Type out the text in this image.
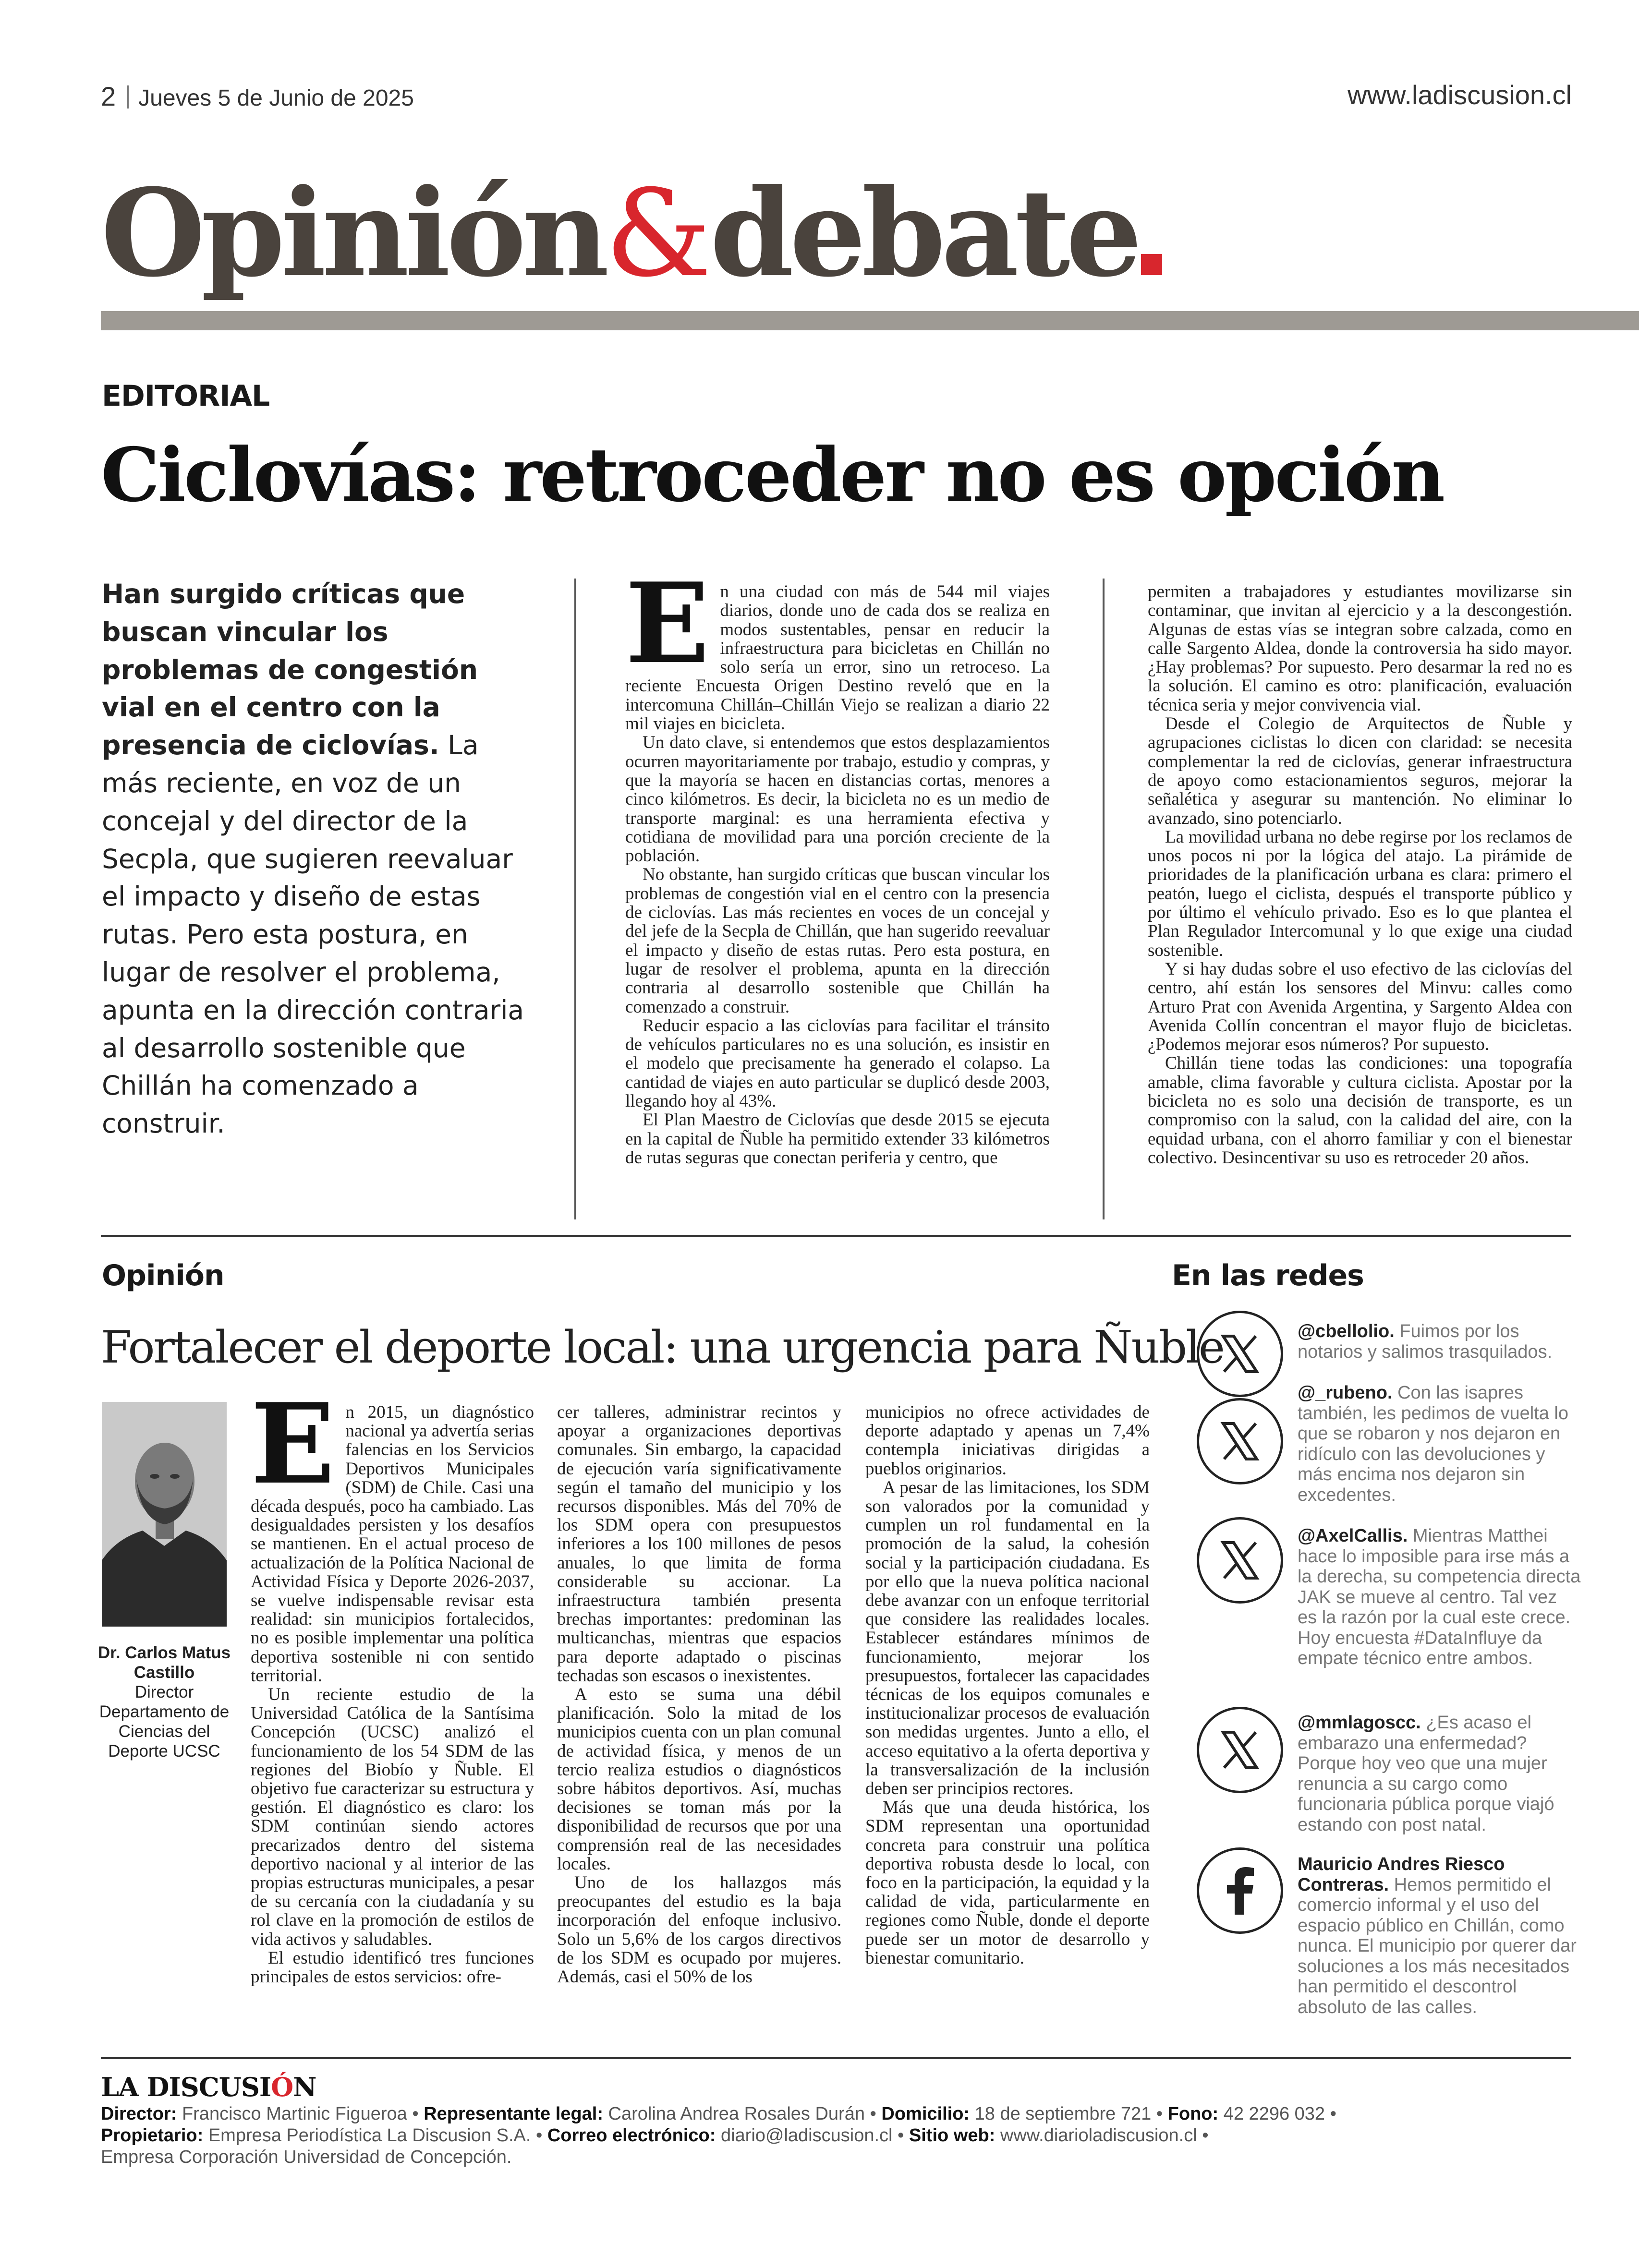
2 Jueves 5 de Junio de 2025	www.ladiscusion.cl
Opinión&debate
EDITORIAL
Ciclovías: retroceder no es opción
Han surgido críticas que buscan vincular los problemas de congestión vial en el centro con la presencia de ciclovías. La más reciente, en voz de un concejal y del director de la Secpla, que sugieren reevaluar el impacto y diseño de estas rutas. Pero esta postura, en lugar de resolver el problema, apunta en la dirección contraria al desarrollo sostenible que Chillán ha comenzado a construir.
E n una ciudad con más de 544 mil viajes diarios, donde uno de cada dos se realiza en modos sustentables, pensar en reducir la infraestructura para bicicletas en Chillán no solo sería un error, sino un retroceso. La reciente Encuesta Origen Destino reveló que en la intercomuna Chillán–Chillán Viejo se realizan a diario 22 mil viajes en bicicleta.

Un dato clave, si entendemos que estos desplazamientos ocurren mayoritariamente por trabajo, estudio y compras, y que la mayoría se hacen en distancias cortas, menores a cinco kilómetros. Es decir, la bicicleta no es un medio de transporte marginal: es una herramienta efectiva y cotidiana de movilidad para una porción creciente de la población.

No obstante, han surgido críticas que buscan vincular los problemas de congestión vial en el centro con la presencia de ciclovías. Las más recientes en voces de un concejal y del jefe de la Secpla de Chillán, que han sugerido reevaluar el impacto y diseño de estas rutas. Pero esta postura, en lugar de resolver el problema, apunta en la dirección contraria al desarrollo sostenible que Chillán ha comenzado a construir.

Reducir espacio a las ciclovías para facilitar el tránsito de vehículos particulares no es una solución, es insistir en el modelo que precisamente ha generado el colapso. La cantidad de viajes en auto particular se duplicó desde 2003, llegando hoy al 43%.

El Plan Maestro de Ciclovías que desde 2015 se ejecuta en la capital de Ñuble ha permitido extender 33 kilómetros de rutas seguras que conectan periferia y centro, que

permiten a trabajadores y estudiantes movilizarse sin contaminar, que invitan al ejercicio y a la descongestión. Algunas de estas vías se integran sobre calzada, como en calle Sargento Aldea, donde la controversia ha sido mayor. ¿Hay problemas? Por supuesto. Pero desarmar la red no es la solución. El camino es otro: planificación, evaluación técnica seria y mejor convivencia vial.

Desde el Colegio de Arquitectos de Ñuble y agrupaciones ciclistas lo dicen con claridad: se necesita complementar la red de ciclovías, generar infraestructura de apoyo como estacionamientos seguros, mejorar la señalética y asegurar su mantención. No eliminar lo avanzado, sino potenciarlo.

La movilidad urbana no debe regirse por los reclamos de unos pocos ni por la lógica del atajo. La pirámide de prioridades de la planificación urbana es clara: primero el peatón, luego el ciclista, después el transporte público y por último el vehículo privado. Eso es lo que plantea el Plan Regulador Intercomunal y lo que exige una ciudad sostenible.

Y si hay dudas sobre el uso efectivo de las ciclovías del centro, ahí están los sensores del Minvu: calles como Arturo Prat con Avenida Argentina, y Sargento Aldea con Avenida Collín concentran el mayor flujo de bicicletas. ¿Podemos mejorar esos números? Por supuesto.

Chillán tiene todas las condiciones: una topografía amable, clima favorable y cultura ciclista. Apostar por la bicicleta no es solo una decisión de transporte, es un compromiso con la salud, con la calidad del aire, con la equidad urbana, con el ahorro familiar y con el bienestar colectivo. Desincentivar su uso es retroceder 20 años.

Opinión
Fortalecer el deporte local: una urgencia para Ñuble
Dr. Carlos Matus Castillo
Director Departamento de Ciencias del Deporte UCSC
E n 2015, un diagnóstico nacional ya advertía serias falencias en los Servicios Deportivos Municipales (SDM) de Chile. Casi una década después, poco ha cambiado. Las desigualdades persisten y los desafíos se mantienen. En el actual proceso de actualización de la Política Nacional de Actividad Física y Deporte 2026-2037, se vuelve indispensable revisar esta realidad: sin municipios fortalecidos, no es posible implementar una política deportiva sostenible ni con sentido territorial.

Un reciente estudio de la Universidad Católica de la Santísima Concepción (UCSC) analizó el funcionamiento de los 54 SDM de las regiones del Biobío y Ñuble. El objetivo fue caracterizar su estructura y gestión. El diagnóstico es claro: los SDM continúan siendo actores precarizados dentro del sistema deportivo nacional y al interior de las propias estructuras municipales, a pesar de su cercanía con la ciudadanía y su rol clave en la promoción de estilos de vida activos y saludables.

El estudio identificó tres funciones principales de estos servicios: ofre-

cer talleres, administrar recintos y apoyar a organizaciones deportivas comunales. Sin embargo, la capacidad de ejecución varía significativamente según el tamaño del municipio y los recursos disponibles. Más del 70% de los SDM opera con presupuestos inferiores a los 100 millones de pesos anuales, lo que limita de forma considerable su accionar. La infraestructura también presenta brechas importantes: predominan las multicanchas, mientras que espacios para deporte adaptado o piscinas techadas son escasos o inexistentes.

A esto se suma una débil planificación. Solo la mitad de los municipios cuenta con un plan comunal de actividad física, y menos de un tercio realiza estudios o diagnósticos sobre hábitos deportivos. Así, muchas decisiones se toman más por la disponibilidad de recursos que por una comprensión real de las necesidades locales.

Uno de los hallazgos más preocupantes del estudio es la baja incorporación del enfoque inclusivo. Solo un 5,6% de los cargos directivos de los SDM es ocupado por mujeres. Además, casi el 50% de los

municipios no ofrece actividades de deporte adaptado y apenas un 7,4% contempla iniciativas dirigidas a pueblos originarios.

A pesar de las limitaciones, los SDM son valorados por la comunidad y cumplen un rol fundamental en la promoción de la salud, la cohesión social y la participación ciudadana. Es por ello que la nueva política nacional debe avanzar con un enfoque territorial que considere las realidades locales. Establecer estándares mínimos de funcionamiento, mejorar los presupuestos, fortalecer las capacidades técnicas de los equipos comunales e institucionalizar procesos de evaluación son medidas urgentes. Junto a ello, el acceso equitativo a la oferta deportiva y la transversalización de la inclusión deben ser principios rectores.

Más que una deuda histórica, los SDM representan una oportunidad concreta para construir una política deportiva robusta desde lo local, con foco en la participación, la equidad y la calidad de vida, particularmente en regiones como Ñuble, donde el deporte puede ser un motor de desarrollo y bienestar comunitario.

En las redes
@cbellolio. Fuimos por los notarios y salimos trasquilados.
@_rubeno. Con las isapres también, les pedimos de vuelta lo que se robaron y nos dejaron en ridículo con las devoluciones y más encima nos dejaron sin excedentes.
@AxelCallis. Mientras Matthei hace lo imposible para irse más a la derecha, su competencia directa JAK se mueve al centro. Tal vez es la razón por la cual este crece. Hoy encuesta #DataInfluye da empate técnico entre ambos.
@mmlagoscc. ¿Es acaso el embarazo una enfermedad? Porque hoy veo que una mujer renuncia a su cargo como funcionaria pública porque viajó estando con post natal.
Mauricio Andres Riesco Contreras. Hemos permitido el comercio informal y el uso del espacio público en Chillán, como nunca. El municipio por querer dar soluciones a los más necesitados han permitido el descontrol absoluto de las calles.
LA DISCUSIÓN
Director: Francisco Martinic Figueroa • Representante legal: Carolina Andrea Rosales Durán • Domicilio: 18 de septiembre 721 • Fono: 42 2296 032 •
Propietario: Empresa Periodística La Discusion S.A. • Correo electrónico: diario@ladiscusion.cl • Sitio web: www.diarioladiscusion.cl •
Empresa Corporación Universidad de Concepción.
